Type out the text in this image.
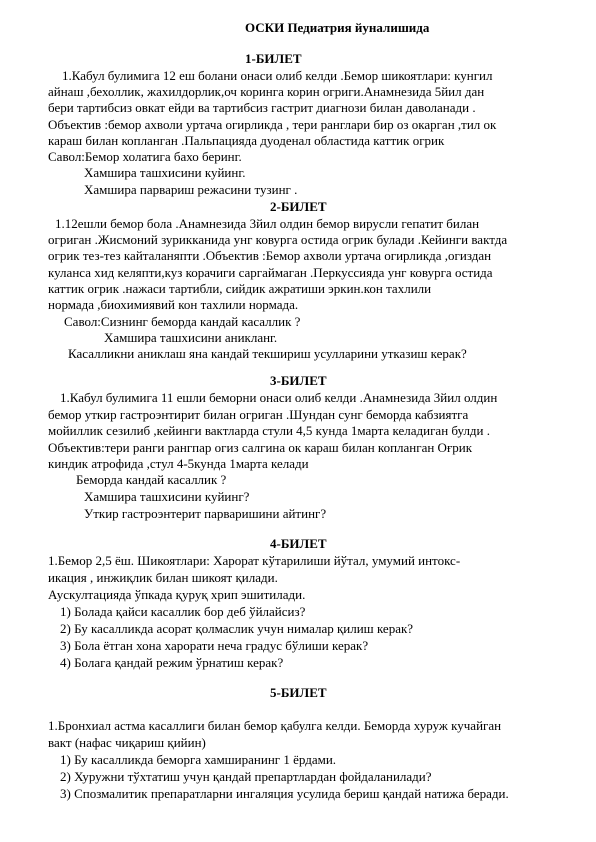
ОСКИ Педиатрия йуналишида
1-БИЛЕТ
1.Кабул булимига 12 еш болани онаси олиб келди .Бемор шикоятлари: кунгил
айнаш ,бехоллик, жахилдорлик,оч коринга корин огриги.Анамнезида 5йил дан
бери тартибсиз овкат ейди ва тартибсиз гастрит диагнози билан даволанади .
Объектив :бемор ахволи уртача огирликда , тери ранглари бир оз окарган ,тил ок
караш билан копланган .Пальпацияда дуоденал областида каттик огрик
Савол:Бемор холатига бахо беринг.
Хамшира ташхисини куйинг.
Хамшира парвариш режасини тузинг .
2-БИЛЕТ
1.12ешли бемор бола .Анамнезида 3йил олдин бемор вирусли гепатит билан
огриган .Жисмоний зурикканида унг ковурга остида огрик булади .Кейинги вактда
огрик тез-тез кайталаняпти .Объектив :Бемор ахволи уртача огирликда ,огиздан
куланса хид келяпти,куз корачиги саргаймаган .Перкуссияда унг ковурга остида
каттик огрик .нажаси тартибли, сийдик ажратиши эркин.кон тахлили
нормада ,биохимиявий кон тахлили нормада.
Савол:Сизнинг беморда кандай касаллик ?
Хамшира ташхисини аникланг.
Касалликни аниклаш яна кандай текшириш усулларини утказиш керак?
3-БИЛЕТ
1.Кабул булимига 11 ешли беморни онаси олиб келди .Анамнезида 3йил олдин
бемор уткир гастроэнтирит билан огриган .Шундан сунг беморда кабзиятга
мойиллик сезилиб ,кейинги вактларда стули 4,5 кунда 1марта келадиган булди .
Объектив:тери ранги рангпар огиз салгина ок караш билан копланган Оғрик
киндик атрофида ,стул 4-5кунда 1марта келади
Беморда кандай касаллик ?
Хамшира ташхисини куйинг?
Уткир гастроэнтерит парваришини айтинг?
4-БИЛЕТ
1.Бемор 2,5 ёш. Шикоятлари: Харорат кўтарилиши йўтал, умумий интокс-
икация , инжиқлик билан шикоят қилади.
Аускултацияда ўпкада қуруқ хрип эшитилади.
1) Болада қайси касаллик бор деб ўйлайсиз?
2) Бу касалликда асорат қолмаслик учун нималар қилиш керак?
3) Бола ётган хона харорати неча градус бўлиши керак?
4) Болага қандай режим ўрнатиш керак?
5-БИЛЕТ
1.Бронхиал астма касаллиги билан бемор қабулга келди. Беморда хуруж кучайган
вакт (нафас чиқариш қийин)
1) Бу касалликда беморга хамширанинг 1 ёрдами.
2) Хуружни тўхтатиш учун қандай препартлардан фойдаланилади?
3) Спозмалитик препаратларни ингаляция усулида бериш қандай натижа беради.
